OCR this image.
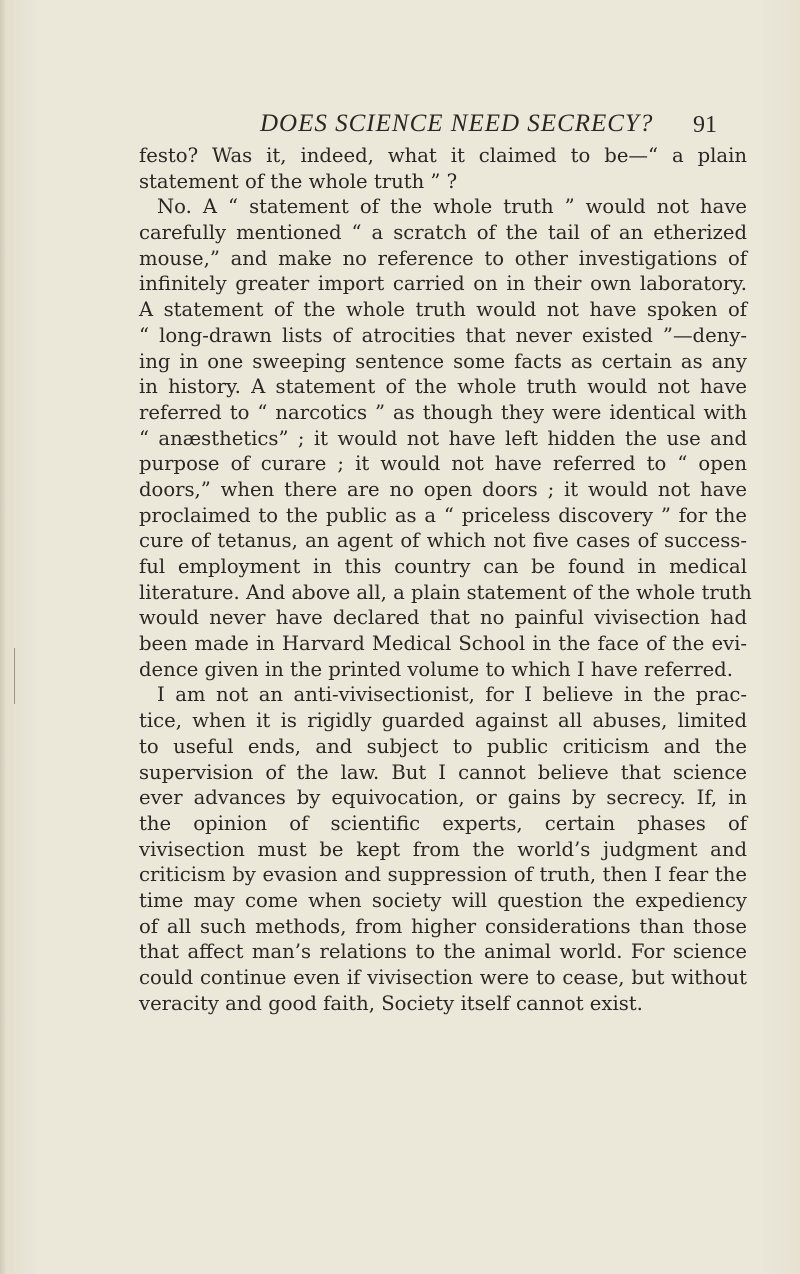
DOES SCIENCE NEED SECRECY? 91
festo? Was it, indeed, what it claimed to be—“ a plain
statement of the whole truth ” ?
No. A “ statement of the whole truth ” would not have
carefully mentioned “ a scratch of the tail of an etherized
mouse,” and make no reference to other investigations of
infinitely greater import carried on in their own laboratory.
A statement of the whole truth would not have spoken of
“ long-drawn lists of atrocities that never existed ”—deny-
ing in one sweeping sentence some facts as certain as any
in history. A statement of the whole truth would not have
referred to “ narcotics ” as though they were identical with
“ anæsthetics” ; it would not have left hidden the use and
purpose of curare ; it would not have referred to “ open
doors,” when there are no open doors ; it would not have
proclaimed to the public as a “ priceless discovery ” for the
cure of tetanus, an agent of which not five cases of success-
ful employment in this country can be found in medical
literature. And above all, a plain statement of the whole truth
would never have declared that no painful vivisection had
been made in Harvard Medical School in the face of the evi-
dence given in the printed volume to which I have referred.
I am not an anti-vivisectionist, for I believe in the prac-
tice, when it is rigidly guarded against all abuses, limited
to useful ends, and subject to public criticism and the
supervision of the law. But I cannot believe that science
ever advances by equivocation, or gains by secrecy. If, in
the opinion of scientific experts, certain phases of
vivisection must be kept from the world’s judgment and
criticism by evasion and suppression of truth, then I fear the
time may come when society will question the expediency
of all such methods, from higher considerations than those
that affect man’s relations to the animal world. For science
could continue even if vivisection were to cease, but without
veracity and good faith, Society itself cannot exist.
